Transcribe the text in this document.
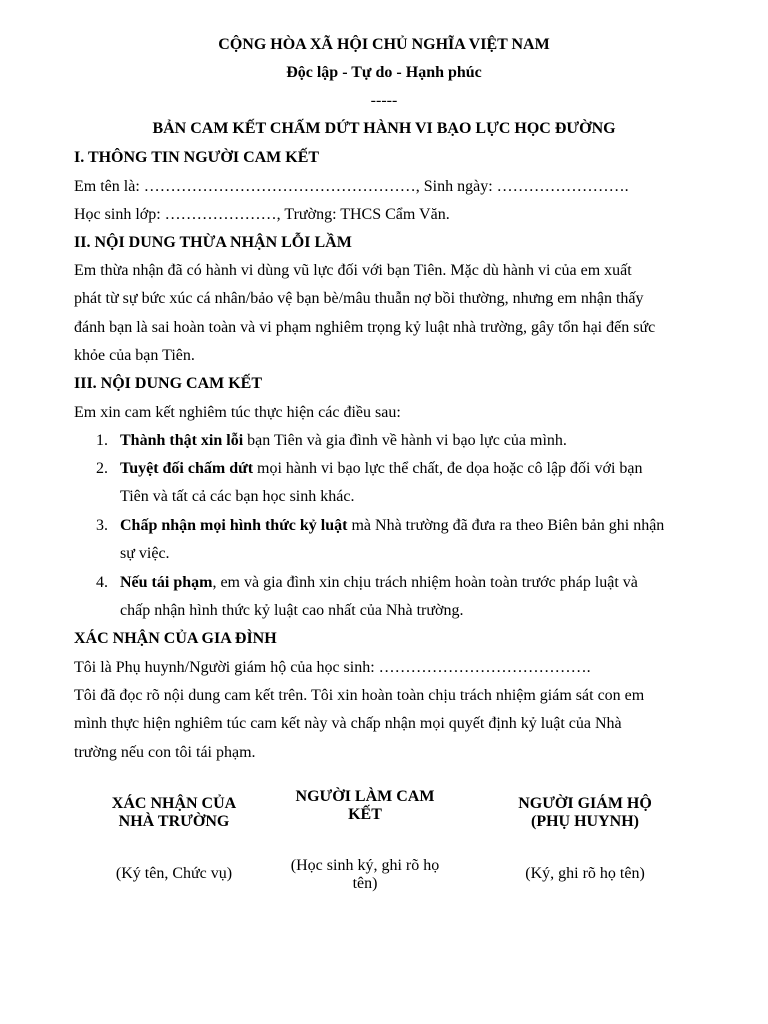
CỘNG HÒA XÃ HỘI CHỦ NGHĨA VIỆT NAM
Độc lập - Tự do - Hạnh phúc
-----
BẢN CAM KẾT CHẤM DỨT HÀNH VI BẠO LỰC HỌC ĐƯỜNG
I. THÔNG TIN NGƯỜI CAM KẾT
Em tên là: ……………………………………………, Sinh ngày: …………………….
Học sinh lớp: …………………, Trường: THCS Cẩm Văn.
II. NỘI DUNG THỪA NHẬN LỖI LẦM
Em thừa nhận đã có hành vi dùng vũ lực đối với bạn Tiên. Mặc dù hành vi của em xuất
phát từ sự bức xúc cá nhân/bảo vệ bạn bè/mâu thuẫn nợ bồi thường, nhưng em nhận thấy
đánh bạn là sai hoàn toàn và vi phạm nghiêm trọng kỷ luật nhà trường, gây tổn hại đến sức
khỏe của bạn Tiên.
III. NỘI DUNG CAM KẾT
Em xin cam kết nghiêm túc thực hiện các điều sau:
1. Thành thật xin lỗi bạn Tiên và gia đình về hành vi bạo lực của mình.
2. Tuyệt đối chấm dứt mọi hành vi bạo lực thể chất, đe dọa hoặc cô lập đối với bạn
Tiên và tất cả các bạn học sinh khác.
3. Chấp nhận mọi hình thức kỷ luật mà Nhà trường đã đưa ra theo Biên bản ghi nhận
sự việc.
4. Nếu tái phạm, em và gia đình xin chịu trách nhiệm hoàn toàn trước pháp luật và
chấp nhận hình thức kỷ luật cao nhất của Nhà trường.
XÁC NHẬN CỦA GIA ĐÌNH
Tôi là Phụ huynh/Người giám hộ của học sinh: ………………………………….
Tôi đã đọc rõ nội dung cam kết trên. Tôi xin hoàn toàn chịu trách nhiệm giám sát con em
mình thực hiện nghiêm túc cam kết này và chấp nhận mọi quyết định kỷ luật của Nhà
trường nếu con tôi tái phạm.
XÁC NHẬN CỦA
NHÀ TRƯỜNG
(Ký tên, Chức vụ)
NGƯỜI LÀM CAM
KẾT
(Học sinh ký, ghi rõ họ
tên)
NGƯỜI GIÁM HỘ
(PHỤ HUYNH)
(Ký, ghi rõ họ tên)
